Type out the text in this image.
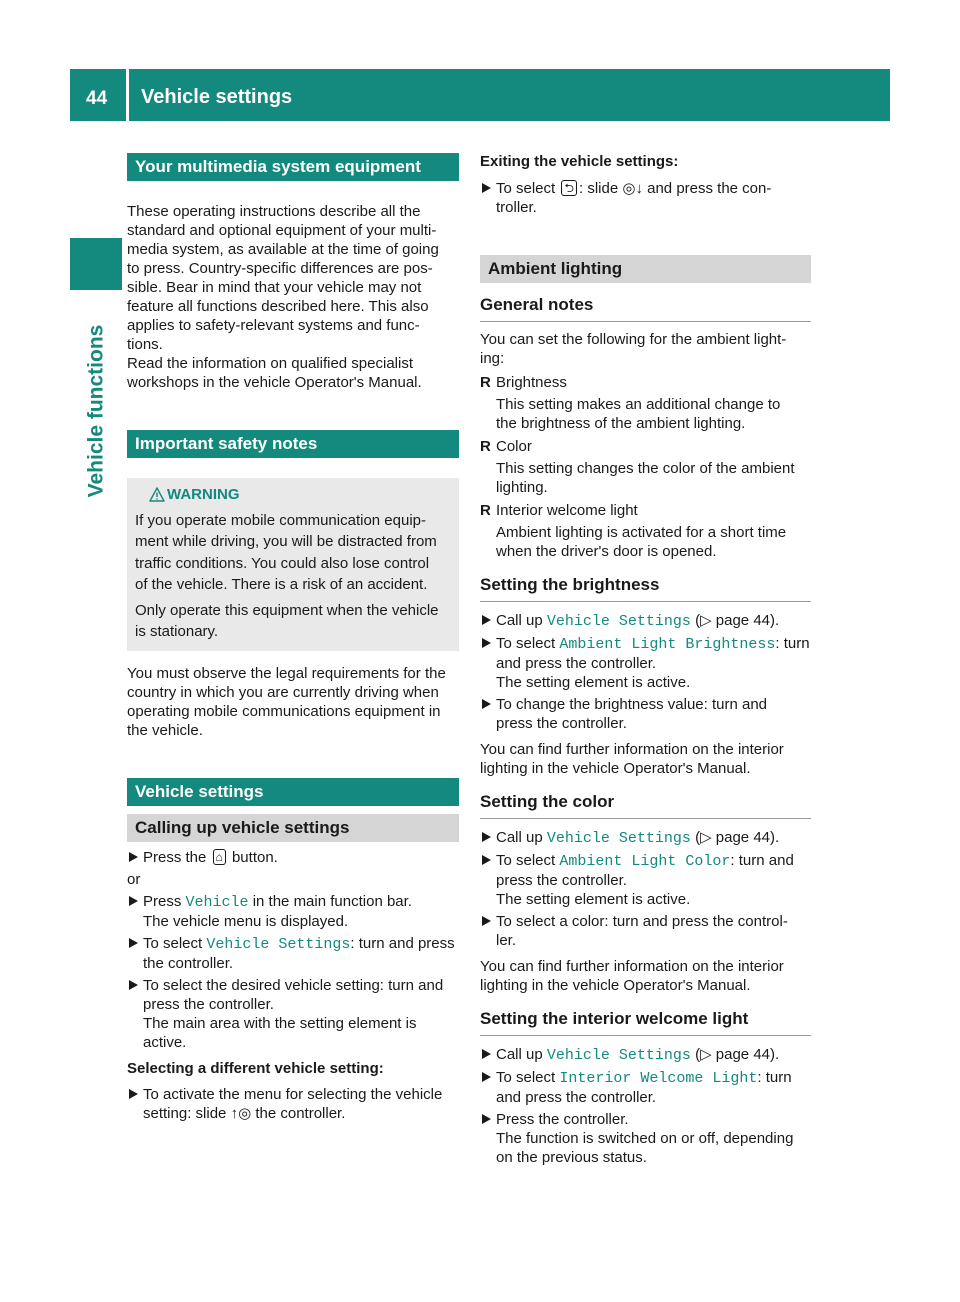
44 Vehicle settings
Vehicle functions
Your multimedia system equipment

These operating instructions describe all the
standard and optional equipment of your multi-
media system, as available at the time of going
to press. Country-specific differences are pos-
sible. Bear in mind that your vehicle may not
feature all functions described here. This also
applies to safety-relevant systems and func-
tions.

Read the information on qualified specialist
workshops in the vehicle Operator's Manual.

Important safety notes
WARNING

If you operate mobile communication equip-
ment while driving, you will be distracted from
traffic conditions. You could also lose control
of the vehicle. There is a risk of an accident.

Only operate this equipment when the vehicle
is stationary.

You must observe the legal requirements for the
country in which you are currently driving when
operating mobile communications equipment in
the vehicle.

Vehicle settings
Calling up vehicle settings
Press the ⌂ button.

or

Press Vehicle in the main function bar.
The vehicle menu is displayed.
To select Vehicle Settings: turn and press
the controller.
To select the desired vehicle setting: turn and
press the controller.
The main area with the setting element is
active.

Selecting a different vehicle setting:

To activate the menu for selecting the vehicle
setting: slide ↑◎ the controller.

Exiting the vehicle settings:

To select ⮌ : slide ◎↓ and press the con-
troller.
Ambient lighting
General notes

You can set the following for the ambient light-
ing:

R Brightness
This setting makes an additional change to
the brightness of the ambient lighting.
R Color
This setting changes the color of the ambient
lighting.
R Interior welcome light
Ambient lighting is activated for a short time
when the driver's door is opened.
Setting the brightness
Call up Vehicle Settings (▷ page 44).
To select Ambient Light Brightness: turn
and press the controller.
The setting element is active.
To change the brightness value: turn and
press the controller.

You can find further information on the interior
lighting in the vehicle Operator's Manual.

Setting the color
Call up Vehicle Settings (▷ page 44).
To select Ambient Light Color: turn and
press the controller.
The setting element is active.
To select a color: turn and press the control-
ler.

You can find further information on the interior
lighting in the vehicle Operator's Manual.

Setting the interior welcome light
Call up Vehicle Settings (▷ page 44).
To select Interior Welcome Light: turn
and press the controller.
Press the controller.
The function is switched on or off, depending
on the previous status.
